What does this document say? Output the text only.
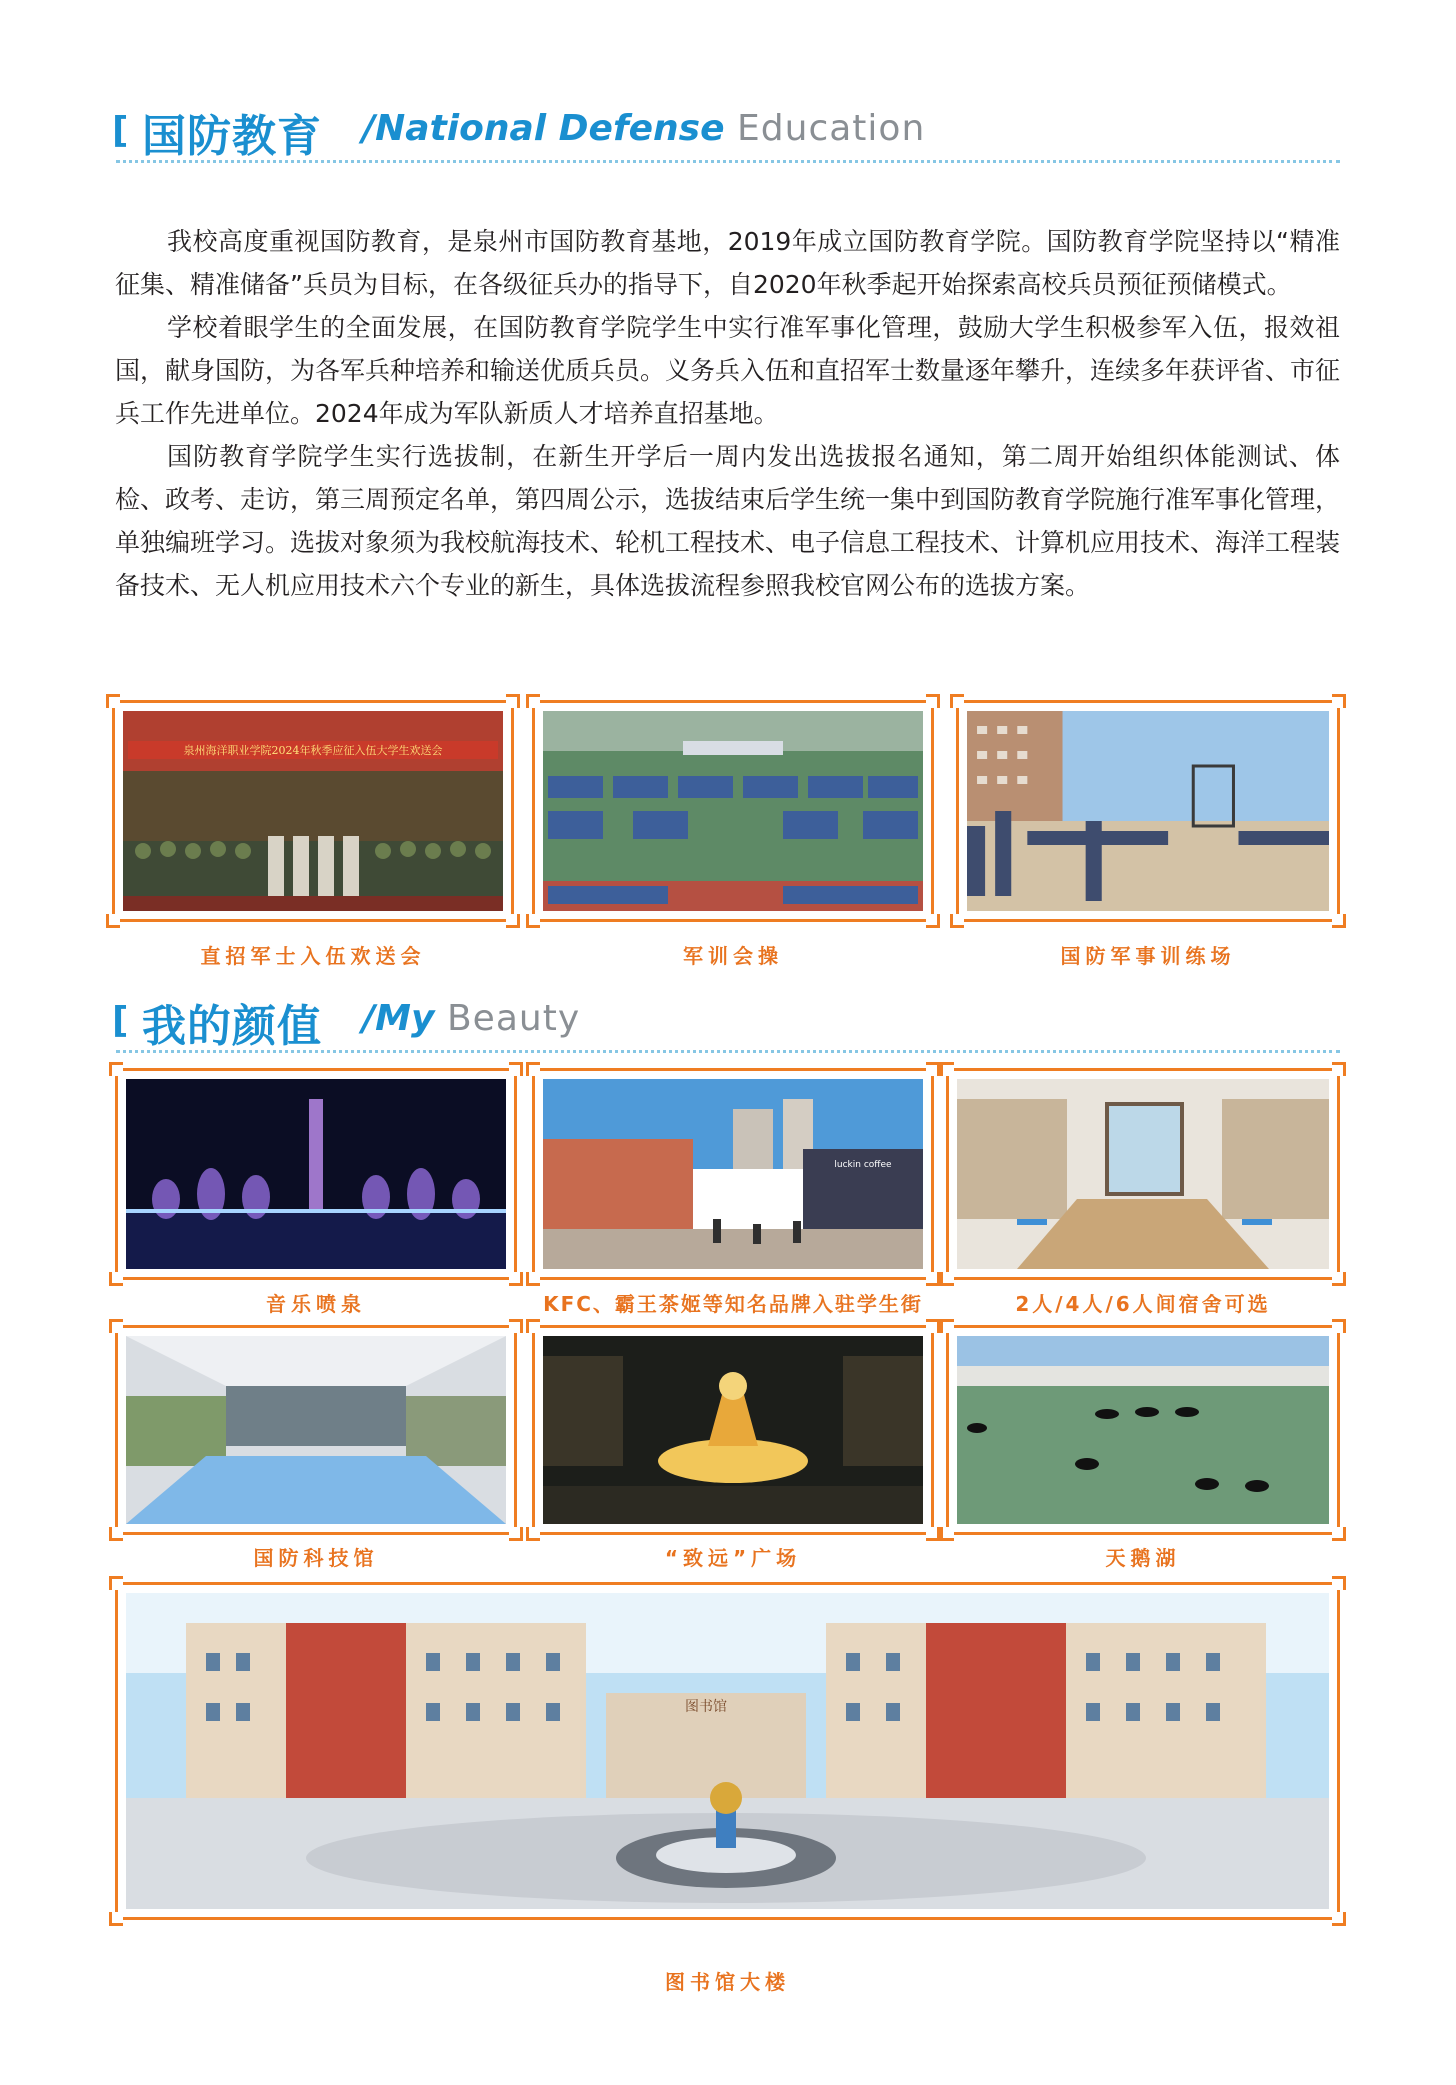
[ 国防教育 /National Defense Education

我校高度重视国防教育，是泉州市国防教育基地，2019年成立国防教育学院。国防教育学院坚持以“精准征集、精准储备”兵员为目标，在各级征兵办的指导下，自2020年秋季起开始探索高校兵员预征预储模式。

学校着眼学生的全面发展，在国防教育学院学生中实行准军事化管理，鼓励大学生积极参军入伍，报效祖国，献身国防，为各军兵种培养和输送优质兵员。义务兵入伍和直招军士数量逐年攀升，连续多年获评省、市征兵工作先进单位。2024年成为军队新质人才培养直招基地。

国防教育学院学生实行选拔制，在新生开学后一周内发出选拔报名通知，第二周开始组织体能测试、体检、政考、走访，第三周预定名单，第四周公示，选拔结束后学生统一集中到国防教育学院施行准军事化管理，单独编班学习。选拔对象须为我校航海技术、轮机工程技术、电子信息工程技术、计算机应用技术、海洋工程装备技术、无人机应用技术六个专业的新生，具体选拔流程参照我校官网公布的选拔方案。

泉州海洋职业学院2024年秋季应征入伍大学生欢送会
直招军士入伍欢送会	军训会操	国防军事训练场
[ 我的颜值 /My Beauty
音乐喷泉
luckin coffee
KFC、霸王茶姬等知名品牌入驻学生街	2人/4人/6人间宿舍可选
国防科技馆	“致远”广场	天鹅湖
图书馆
图书馆大楼
